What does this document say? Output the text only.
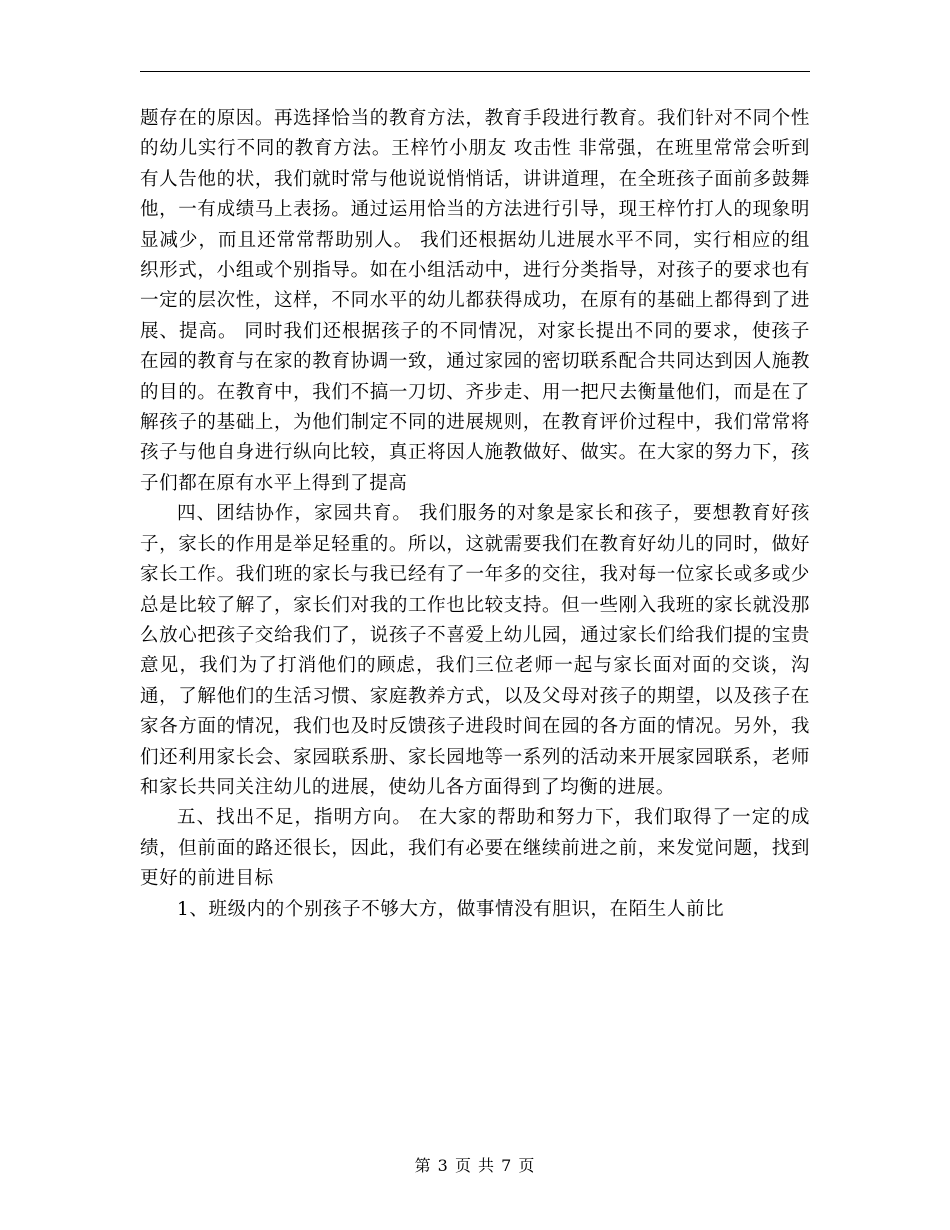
题存在的原因。再选择恰当的教育方法，教育手段进行教育。我们针对不同个性的幼儿实行不同的教育方法。王梓竹小朋友 攻击性 非常强，在班里常常会听到有人告他的状，我们就时常与他说说悄悄话，讲讲道理，在全班孩子面前多鼓舞他，一有成绩马上表扬。通过运用恰当的方法进行引导，现王梓竹打人的现象明显减少，而且还常常帮助别人。 我们还根据幼儿进展水平不同，实行相应的组织形式，小组或个别指导。如在小组活动中，进行分类指导，对孩子的要求也有一定的层次性，这样，不同水平的幼儿都获得成功，在原有的基础上都得到了进展、提高。 同时我们还根据孩子的不同情况，对家长提出不同的要求，使孩子在园的教育与在家的教育协调一致，通过家园的密切联系配合共同达到因人施教的目的。在教育中，我们不搞一刀切、齐步走、用一把尺去衡量他们，而是在了解孩子的基础上，为他们制定不同的进展规则，在教育评价过程中，我们常常将孩子与他自身进行纵向比较，真正将因人施教做好、做实。在大家的努力下，孩子们都在原有水平上得到了提高

四、团结协作，家园共育。 我们服务的对象是家长和孩子，要想教育好孩子，家长的作用是举足轻重的。所以，这就需要我们在教育好幼儿的同时，做好家长工作。我们班的家长与我已经有了一年多的交往，我对每一位家长或多或少总是比较了解了，家长们对我的工作也比较支持。但一些刚入我班的家长就没那么放心把孩子交给我们了，说孩子不喜爱上幼儿园，通过家长们给我们提的宝贵意见，我们为了打消他们的顾虑，我们三位老师一起与家长面对面的交谈，沟通，了解他们的生活习惯、家庭教养方式，以及父母对孩子的期望，以及孩子在家各方面的情况，我们也及时反馈孩子进段时间在园的各方面的情况。另外，我们还利用家长会、家园联系册、家长园地等一系列的活动来开展家园联系，老师和家长共同关注幼儿的进展，使幼儿各方面得到了均衡的进展。

五、找出不足，指明方向。 在大家的帮助和努力下，我们取得了一定的成绩，但前面的路还很长，因此，我们有必要在继续前进之前，来发觉问题，找到更好的前进目标

1、班级内的个别孩子不够大方，做事情没有胆识，在陌生人前比

第 3 页 共 7 页
